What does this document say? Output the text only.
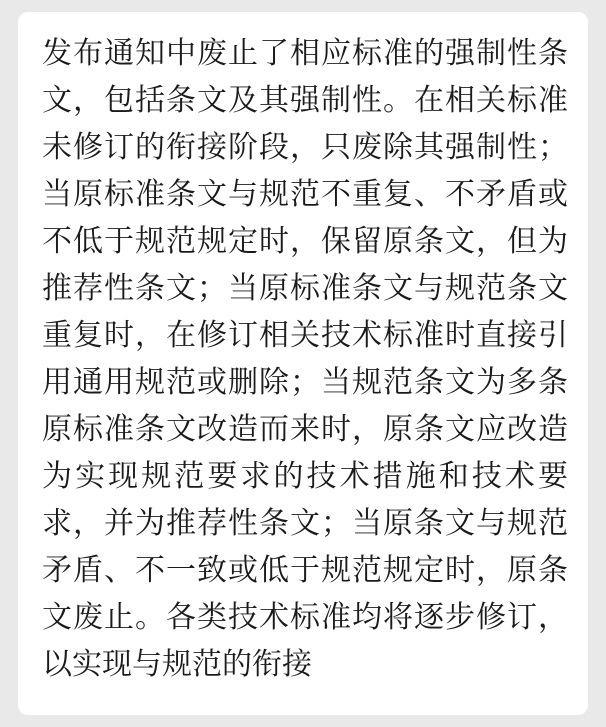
发布通知中废止了相应标准的强制性条文，包括条文及其强制性。在相关标准未修订的衔接阶段，只废除其强制性；当原标准条文与规范不重复、不矛盾或不低于规范规定时，保留原条文，但为推荐性条文；当原标准条文与规范条文重复时，在修订相关技术标准时直接引用通用规范或删除；当规范条文为多条原标准条文改造而来时，原条文应改造为实现规范要求的技术措施和技术要求，并为推荐性条文；当原条文与规范矛盾、不一致或低于规范规定时，原条文废止。各类技术标准均将逐步修订，以实现与规范的衔接
